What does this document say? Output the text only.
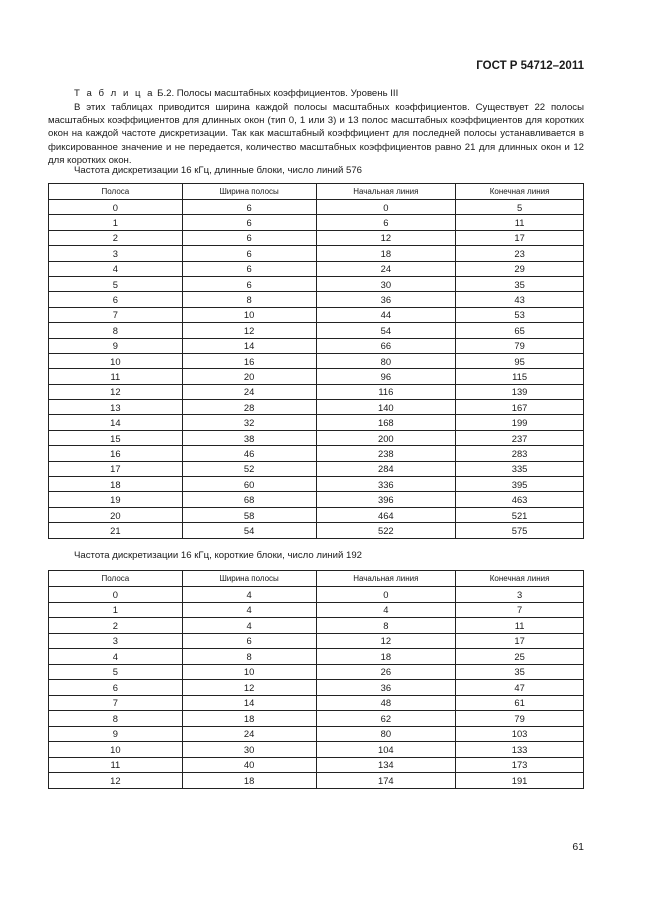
ГОСТ Р 54712–2011
Т а б л и ц а Б.2. Полосы масштабных коэффициентов. Уровень III
В этих таблицах приводится ширина каждой полосы масштабных коэффициентов. Существует 22 полосы масштабных коэффициентов для длинных окон (тип 0, 1 или 3) и 13 полос масштабных коэффициентов для коротких окон на каждой частоте дискретизации. Так как масштабный коэффициент для последней полосы устанавливается в фиксированное значение и не передается, количество масштабных коэффициентов равно 21 для длинных окон и 12 для коротких окон.
Частота дискретизации 16 кГц, длинные блоки, число линий 576
Полоса	Ширина полосы	Начальная линия	Конечная линия
0	6	0	5
1	6	6	11
2	6	12	17
3	6	18	23
4	6	24	29
5	6	30	35
6	8	36	43
7	10	44	53
8	12	54	65
9	14	66	79
10	16	80	95
11	20	96	115
12	24	116	139
13	28	140	167
14	32	168	199
15	38	200	237
16	46	238	283
17	52	284	335
18	60	336	395
19	68	396	463
20	58	464	521
21	54	522	575
Частота дискретизации 16 кГц, короткие блоки, число линий 192
Полоса	Ширина полосы	Начальная линия	Конечная линия
0	4	0	3
1	4	4	7
2	4	8	11
3	6	12	17
4	8	18	25
5	10	26	35
6	12	36	47
7	14	48	61
8	18	62	79
9	24	80	103
10	30	104	133
11	40	134	173
12	18	174	191
61
